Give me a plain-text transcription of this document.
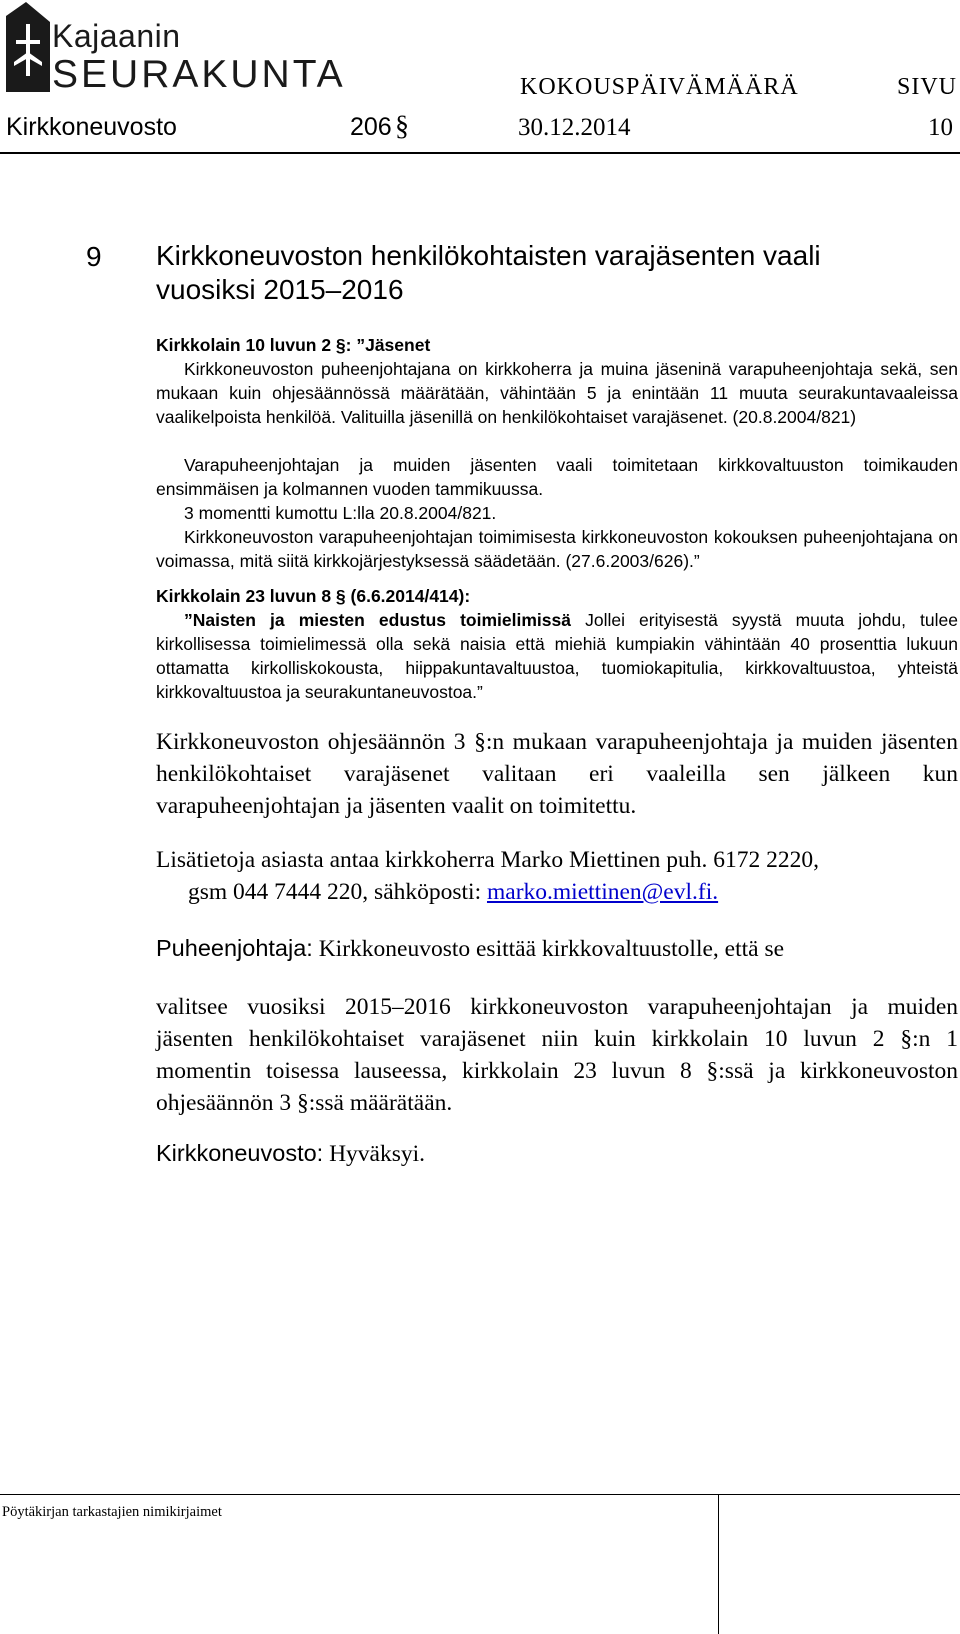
Kajaanin
SEURAKUNTA	KOKOUSPÄIVÄMÄÄRÄ	SIVU
Kirkkoneuvosto	206 §	30.12.2014	10
9 Kirkkoneuvoston henkilökohtaisten varajäsenten vaali vuosiksi 2015–2016
Kirkkolain 10 luvun 2 §: ”Jäsenet
Kirkkoneuvoston puheenjohtajana on kirkkoherra ja muina jäseninä varapuheenjohtaja sekä, sen mukaan kuin ohjesäännössä määrätään, vähintään 5 ja enintään 11 muuta seurakuntavaaleissa vaalikelpoista henkilöä. Valituilla jäsenillä on henkilökohtaiset varajäsenet. (20.8.2004/821)
Varapuheenjohtajan ja muiden jäsenten vaali toimitetaan kirkkovaltuuston toimikauden ensimmäisen ja kolmannen vuoden tammikuussa.
3 momentti kumottu L:lla 20.8.2004/821.
Kirkkoneuvoston varapuheenjohtajan toimimisesta kirkkoneuvoston kokouksen puheenjohtajana on voimassa, mitä siitä kirkkojärjestyksessä säädetään. (27.6.2003/626).”
Kirkkolain 23 luvun 8 § (6.6.2014/414):
”Naisten ja miesten edustus toimielimissä Jollei erityisestä syystä muuta johdu, tulee kirkollisessa toimielimessä olla sekä naisia että miehiä kumpiakin vähintään 40 prosenttia lukuun ottamatta kirkolliskokousta, hiippakuntavaltuustoa, tuomiokapitulia, kirkkovaltuustoa, yhteistä kirkkovaltuustoa ja seurakuntaneuvostoa.”
Kirkkoneuvoston ohjesäännön 3 §:n mukaan varapuheenjohtaja ja muiden jäsenten henkilökohtaiset varajäsenet valitaan eri vaaleilla sen jälkeen kun varapuheenjohtajan ja jäsenten vaalit on toimitettu.
Lisätietoja asiasta antaa kirkkoherra Marko Miettinen puh. 6172 2220,
gsm 044 7444 220, sähköposti: marko.miettinen@evl.fi.
Puheenjohtaja: Kirkkoneuvosto esittää kirkkovaltuustolle, että se
valitsee vuosiksi 2015–2016 kirkkoneuvoston varapuheenjohtajan ja muiden jäsenten henkilökohtaiset varajäsenet niin kuin kirkkolain 10 luvun 2 §:n 1 momentin toisessa lauseessa, kirkkolain 23 luvun 8 §:ssä ja kirkkoneuvoston ohjesäännön 3 §:ssä määrätään.
Kirkkoneuvosto: Hyväksyi.
Pöytäkirjan tarkastajien nimikirjaimet
